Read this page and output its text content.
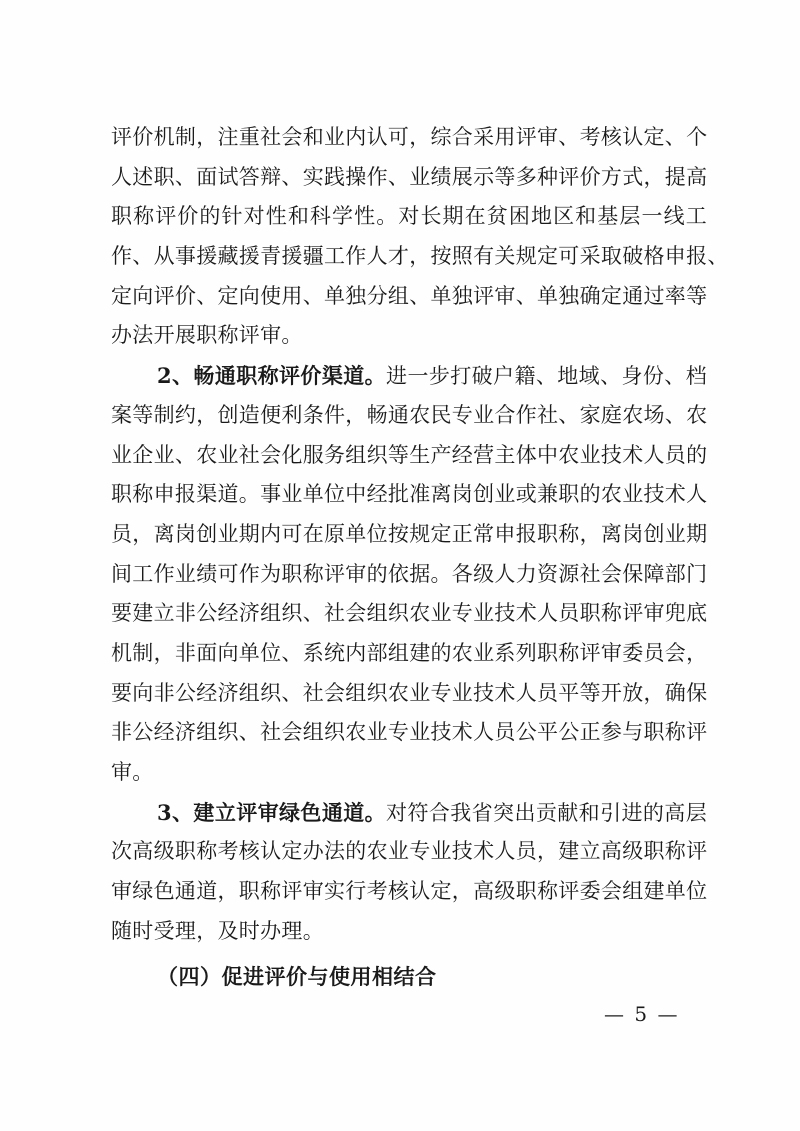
评价机制，注重社会和业内认可，综合采用评审、考核认定、个
人述职、面试答辩、实践操作、业绩展示等多种评价方式，提高
职称评价的针对性和科学性。对长期在贫困地区和基层一线工
作、从事援藏援青援疆工作人才，按照有关规定可采取破格申报、
定向评价、定向使用、单独分组、单独评审、单独确定通过率等
办法开展职称评审。
2、畅通职称评价渠道。进一步打破户籍、地域、身份、档
案等制约，创造便利条件，畅通农民专业合作社、家庭农场、农
业企业、农业社会化服务组织等生产经营主体中农业技术人员的
职称申报渠道。事业单位中经批准离岗创业或兼职的农业技术人
员，离岗创业期内可在原单位按规定正常申报职称，离岗创业期
间工作业绩可作为职称评审的依据。各级人力资源社会保障部门
要建立非公经济组织、社会组织农业专业技术人员职称评审兜底
机制，非面向单位、系统内部组建的农业系列职称评审委员会，
要向非公经济组织、社会组织农业专业技术人员平等开放，确保
非公经济组织、社会组织农业专业技术人员公平公正参与职称评
审。
3、建立评审绿色通道。对符合我省突出贡献和引进的高层
次高级职称考核认定办法的农业专业技术人员，建立高级职称评
审绿色通道，职称评审实行考核认定，高级职称评委会组建单位
随时受理，及时办理。
（四）促进评价与使用相结合
— 5 —
